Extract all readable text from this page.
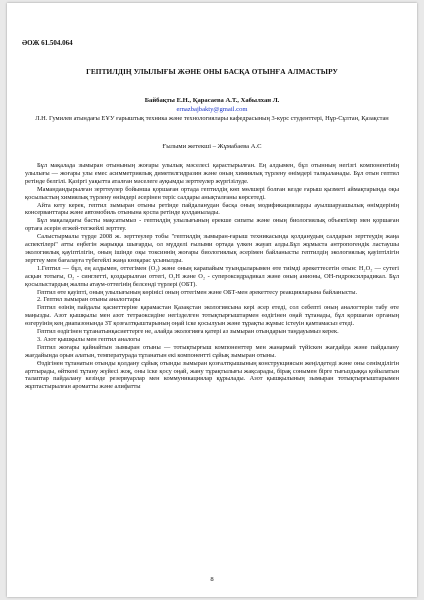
ӘОЖ 61.504.064

ГЕПТИЛДІҢ УЛЫЛЫҒЫ ЖӘНЕ ОНЫ БАСҚА ОТЫНҒА АЛМАСТЫРУ

Байбақты Е.Н., Қарасаева А.Т., Хабылхан Л.

ernazbajbakty@gmail.com

Л.Н. Гумилев атындағы ЕҰУ ғарыштық техника және технологиялары кафедрасының 3-курс студенттері, Нұр-Сұлтан, Қазақстан

Ғылыми жетекші – Жұмабаева А.С

Бұл мақалада зымыран отынының жоғары улылық мәселесі қарастырылған. Ең алдымен, бұл отынның негізгі компонентінің улылығы — жоғары улы емес асимметриялық диметилгидразин және оның химиялық түрлену өнімдері талқыланады. Бұл отын гептил ретінде белгілі. Қазіргі уақытта аталған мәселеге ауқымды зерттеулер жүргізілуде.

Мамандандырылған зерттеулер бойынша қоршаған ортада гептилдің көп мөлшері болған кезде ғарыш қызметі аймақтарында оқы қосылыстың химиялық түрлену өнімдері әсерінен теріс салдары анықталғаны көрсетеді.

Айта кету керек, гептил зымыран отыны ретінде пайдаланудан басқа оның модификацияларды ауылшаруашылық өнімдерінің консерванттары және автомобиль отынына қоспа ретінде қолданылады.

Бұл мақаладағы басты мақсатымыз - гептилдің улылығының ерекше сипаты және оның биологиялық объектілер мен қоршаған ортаға әсерін егжей-тегжейлі зерттеу.

Салыстырмалы түрде 2008 ж. зерттеулер тобы "гептилдің зымыран-ғарыш техникасында қолданудың салдарын зерттеудің жаңа аспектілері" атты еңбегін жарыққа шығарды, ол мүдделі ғылыми ортада үлкен жауап алды.Бұл жұмыста антропогендік ластаушы экологиялық қауіптілігін, оның ішінде оқы токсиннің жоғары биологиялық әсерімен байланысты гептилдің экологиялық қауіптілігін зерттеу мен бағалауға түбегейлі жаңа көзқарас ұсынылды.

1.Гептил — бұл, ең алдымен, оттегімен (O₂) және оның карапайым туындыларымен өте тиімді әрекеттесетін отын: H₂O₂ — сутегі асқын тотығы, O₂ - синглетті, қоздырылған оттегі, O₂H және O₂ - супероксидрадикал және оның анионы, OH-гидроксилрадикал. Бұл қосылыстардың жалпы атаум-оттегінің белсенді түрлері (ОБТ).

Гептил өте қауіпті, оның улылығының көрінісі оның оттегімен және ОБТ-мен әрекеттесу реакцияларына байланысты.

2. Гептил зымыран отыны аналогтары

Гептил өзінің пайдалы қасиеттеріне қарамастан Қазақстан экологиясына кері әсер етеді, сол себепті оның аналогтерін табу өте маңызды. Азот қышқылы мен азот тетраоксидіне негізделген тотықтырғыштармен өздігінен оңай тұтанады, бұл қоршаған органың өзгеруінің кең диапазонында ЗТ қозғалтқыштарының оңай іске қосылуын және тұрақты жұмыс істеуін қамтамасыз етеді.

Гептил өздігінен тұтанатынқасиеттерге не, алайда экологияға қатері аз зымыран отындарын таңдауымыз керек.

3. Азот қышқылы мен гептил аналогы

Гептил жоғары қайнайтын зымыран отыны — тотықтырғыш компоненттер мен жанармай түйіскен жағдайда және пайдалану жағдайында орын алатын, температурада тұтанатын екі компонентті сұйық зымыран отыны.

Өздігінен тұтанатын отынды қолдану сұйық отынды зымыран қозғалтқышының конструкциясын жеңілдетеді және оны сенімділігін арттырады, өйткені тұтану жүйесі жоқ, оны іске қосу оңай, жану тұрақтылығы жақсарады, бірақ сонымен бірге тығыздыққа қойылатын талаптар пайдалану кезінде резервуарлар мен коммуникациялар құрылады. Азот қышқылының зымыран тотықтырғыштарымен жұптастырылған ароматты және алифатты

8
